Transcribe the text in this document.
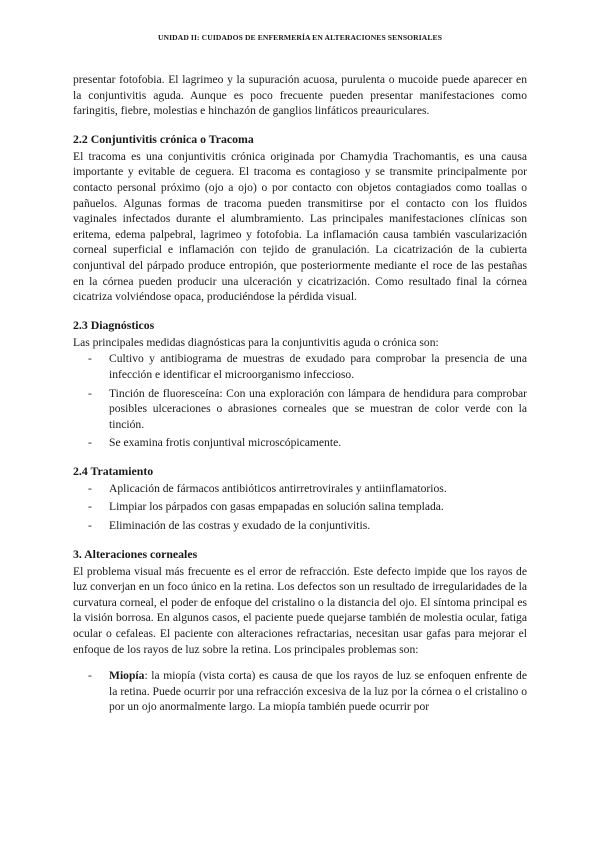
UNIDAD II: CUIDADOS DE ENFERMERÍA EN ALTERACIONES SENSORIALES

presentar fotofobia. El lagrimeo y la supuración acuosa, purulenta o mucoide puede aparecer en la conjuntivitis aguda. Aunque es poco frecuente pueden presentar manifestaciones como faringitis, fiebre, molestias e hinchazón de ganglios linfáticos preauriculares.

2.2 Conjuntivitis crónica o Tracoma

El tracoma es una conjuntivitis crónica originada por Chamydia Trachomantis, es una causa importante y evitable de ceguera. El tracoma es contagioso y se transmite principalmente por contacto personal próximo (ojo a ojo) o por contacto con objetos contagiados como toallas o pañuelos. Algunas formas de tracoma pueden transmitirse por el contacto con los fluidos vaginales infectados durante el alumbramiento. Las principales manifestaciones clínicas son eritema, edema palpebral, lagrimeo y fotofobia. La inflamación causa también vascularización corneal superficial e inflamación con tejido de granulación. La cicatrización de la cubierta conjuntival del párpado produce entropión, que posteriormente mediante el roce de las pestañas en la córnea pueden producir una ulceración y cicatrización. Como resultado final la córnea cicatriza volviéndose opaca, produciéndose la pérdida visual.

2.3 Diagnósticos

Las principales medidas diagnósticas para la conjuntivitis aguda o crónica son:

- Cultivo y antibiograma de muestras de exudado para comprobar la presencia de una infección e identificar el microorganismo infeccioso.
- Tinción de fluoresceína: Con una exploración con lámpara de hendidura para comprobar posibles ulceraciones o abrasiones corneales que se muestran de color verde con la tinción.
- Se examina frotis conjuntival microscópicamente.
2.4 Tratamiento
- Aplicación de fármacos antibióticos antirretrovirales y antiinflamatorios.
- Limpiar los párpados con gasas empapadas en solución salina templada.
- Eliminación de las costras y exudado de la conjuntivitis.
3. Alteraciones corneales

El problema visual más frecuente es el error de refracción. Este defecto impide que los rayos de luz converjan en un foco único en la retina. Los defectos son un resultado de irregularidades de la curvatura corneal, el poder de enfoque del cristalino o la distancia del ojo. El síntoma principal es la visión borrosa. En algunos casos, el paciente puede quejarse también de molestia ocular, fatiga ocular o cefaleas. El paciente con alteraciones refractarias, necesitan usar gafas para mejorar el enfoque de los rayos de luz sobre la retina. Los principales problemas son:

- Miopía: la miopía (vista corta) es causa de que los rayos de luz se enfoquen enfrente de la retina. Puede ocurrir por una refracción excesiva de la luz por la córnea o el cristalino o por un ojo anormalmente largo. La miopía también puede ocurrir por
